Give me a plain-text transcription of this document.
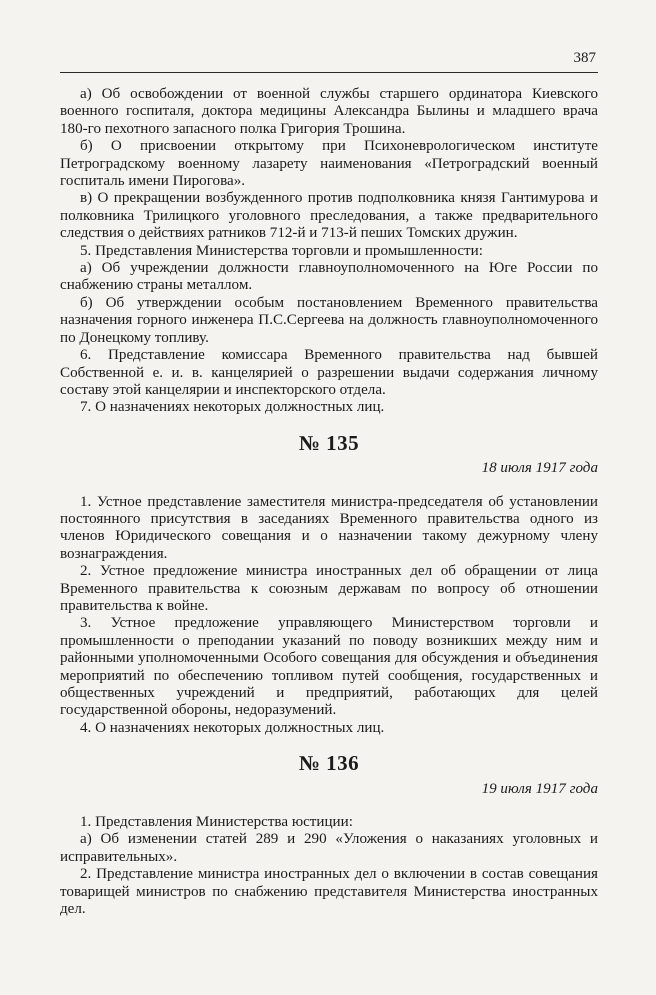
387

а) Об освобождении от военной службы старшего ординатора Киевского военного госпиталя, доктора медицины Александра Былины и младшего врача 180-го пехотного запасного полка Григория Трошина.

б) О присвоении открытому при Психоневрологическом институте Петроградскому военному лазарету наименования «Петроградский военный госпиталь имени Пирогова».

в) О прекращении возбужденного против подполковника князя Гантимурова и полковника Трилицкого уголовного преследования, а также предварительного следствия о действиях ратников 712-й и 713-й пеших Томских дружин.

5. Представления Министерства торговли и промышленности:

а) Об учреждении должности главноуполномоченного на Юге России по снабжению страны металлом.

б) Об утверждении особым постановлением Временного правительства назначения горного инженера П.С.Сергеева на должность главноуполномоченного по Донецкому топливу.

6. Представление комиссара Временного правительства над бывшей Собственной е. и. в. канцелярией о разрешении выдачи содержания личному составу этой канцелярии и инспекторского отдела.

7. О назначениях некоторых должностных лиц.

№ 135
18 июля 1917 года

1. Устное представление заместителя министра-председателя об установлении постоянного присутствия в заседаниях Временного правительства одного из членов Юридического совещания и о назначении такому дежурному члену вознаграждения.

2. Устное предложение министра иностранных дел об обращении от лица Временного правительства к союзным державам по вопросу об отношении правительства к войне.

3. Устное предложение управляющего Министерством торговли и промышленности о преподании указаний по поводу возникших между ним и районными уполномоченными Особого совещания для обсуждения и объединения мероприятий по обеспечению топливом путей сообщения, государственных и общественных учреждений и предприятий, работающих для целей государственной обороны, недоразумений.

4. О назначениях некоторых должностных лиц.

№ 136
19 июля 1917 года

1. Представления Министерства юстиции:

а) Об изменении статей 289 и 290 «Уложения о наказаниях уголовных и исправительных».

2. Представление министра иностранных дел о включении в состав совещания товарищей министров по снабжению представителя Министерства иностранных дел.
